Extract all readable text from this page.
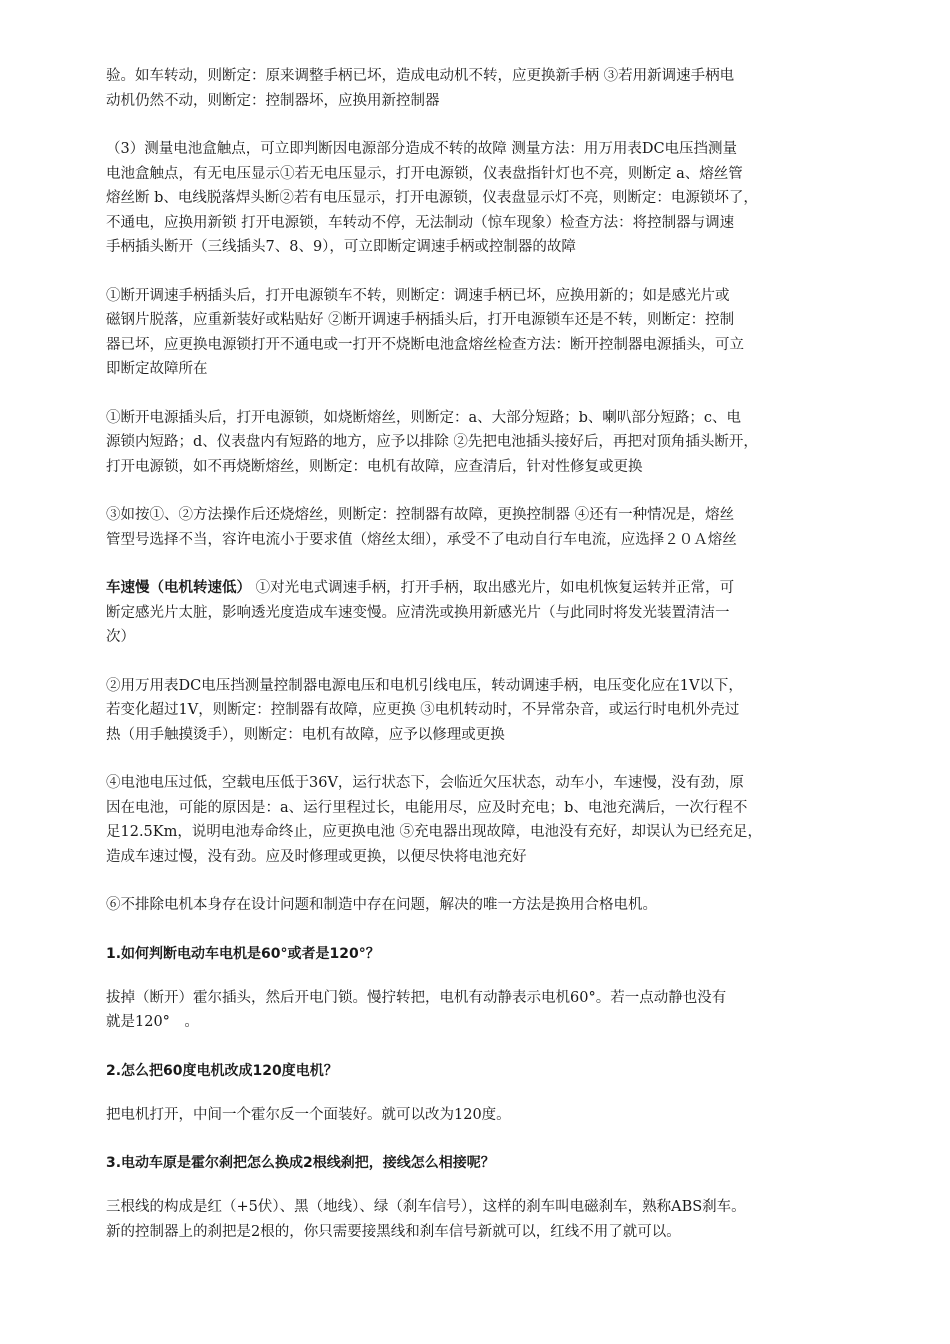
验。如车转动，则断定：原来调整手柄已坏，造成电动机不转，应更换新手柄 ③若用新调速手柄电
动机仍然不动，则断定：控制器坏，应换用新控制器

（3）测量电池盒触点，可立即判断因电源部分造成不转的故障 测量方法：用万用表DC电压挡测量
电池盒触点，有无电压显示①若无电压显示，打开电源锁，仪表盘指针灯也不亮，则断定 a、熔丝管
熔丝断 b、电线脱落焊头断②若有电压显示，打开电源锁，仪表盘显示灯不亮，则断定：电源锁坏了，
不通电，应换用新锁 打开电源锁，车转动不停，无法制动（惊车现象）检查方法：将控制器与调速
手柄插头断开（三线插头7、8、9），可立即断定调速手柄或控制器的故障

①断开调速手柄插头后，打开电源锁车不转，则断定：调速手柄已坏，应换用新的；如是感光片或
磁钢片脱落，应重新装好或粘贴好 ②断开调速手柄插头后，打开电源锁车还是不转，则断定：控制
器已坏，应更换电源锁打开不通电或一打开不烧断电池盒熔丝检查方法：断开控制器电源插头，可立
即断定故障所在

①断开电源插头后，打开电源锁，如烧断熔丝，则断定：a、大部分短路；b、喇叭部分短路；c、电
源锁内短路；d、仪表盘内有短路的地方，应予以排除 ②先把电池插头接好后，再把对顶角插头断开，
打开电源锁，如不再烧断熔丝，则断定：电机有故障，应查清后，针对性修复或更换

③如按①、②方法操作后还烧熔丝，则断定：控制器有故障，更换控制器 ④还有一种情况是，熔丝
管型号选择不当，容许电流小于要求值（熔丝太细），承受不了电动自行车电流，应选择２０Ａ熔丝

车速慢（电机转速低） ①对光电式调速手柄，打开手柄，取出感光片，如电机恢复运转并正常，可
断定感光片太脏，影响透光度造成车速变慢。应清洗或换用新感光片（与此同时将发光装置清洁一
次）

②用万用表DC电压挡测量控制器电源电压和电机引线电压，转动调速手柄，电压变化应在1V以下，
若变化超过1V，则断定：控制器有故障，应更换 ③电机转动时，不异常杂音，或运行时电机外壳过
热（用手触摸烫手），则断定：电机有故障，应予以修理或更换

④电池电压过低，空载电压低于36V，运行状态下，会临近欠压状态，动车小，车速慢，没有劲，原
因在电池，可能的原因是：a、运行里程过长，电能用尽，应及时充电；b、电池充满后，一次行程不
足12.5Km，说明电池寿命终止，应更换电池 ⑤充电器出现故障，电池没有充好，却误认为已经充足，
造成车速过慢，没有劲。应及时修理或更换，以便尽快将电池充好

⑥不排除电机本身存在设计问题和制造中存在问题，解决的唯一方法是换用合格电机。

1.如何判断电动车电机是60°或者是120°？

拔掉（断开）霍尔插头，然后开电门锁。慢拧转把，电机有动静表示电机60°。若一点动静也没有
就是120°　。

2.怎么把60度电机改成120度电机？

把电机打开，中间一个霍尔反一个面装好。就可以改为120度。

3.电动车原是霍尔刹把怎么换成2根线刹把，接线怎么相接呢？

三根线的构成是红（+5伏）、黑（地线）、绿（刹车信号），这样的刹车叫电磁刹车，熟称ABS刹车。
新的控制器上的刹把是2根的，你只需要接黑线和刹车信号新就可以，红线不用了就可以。
